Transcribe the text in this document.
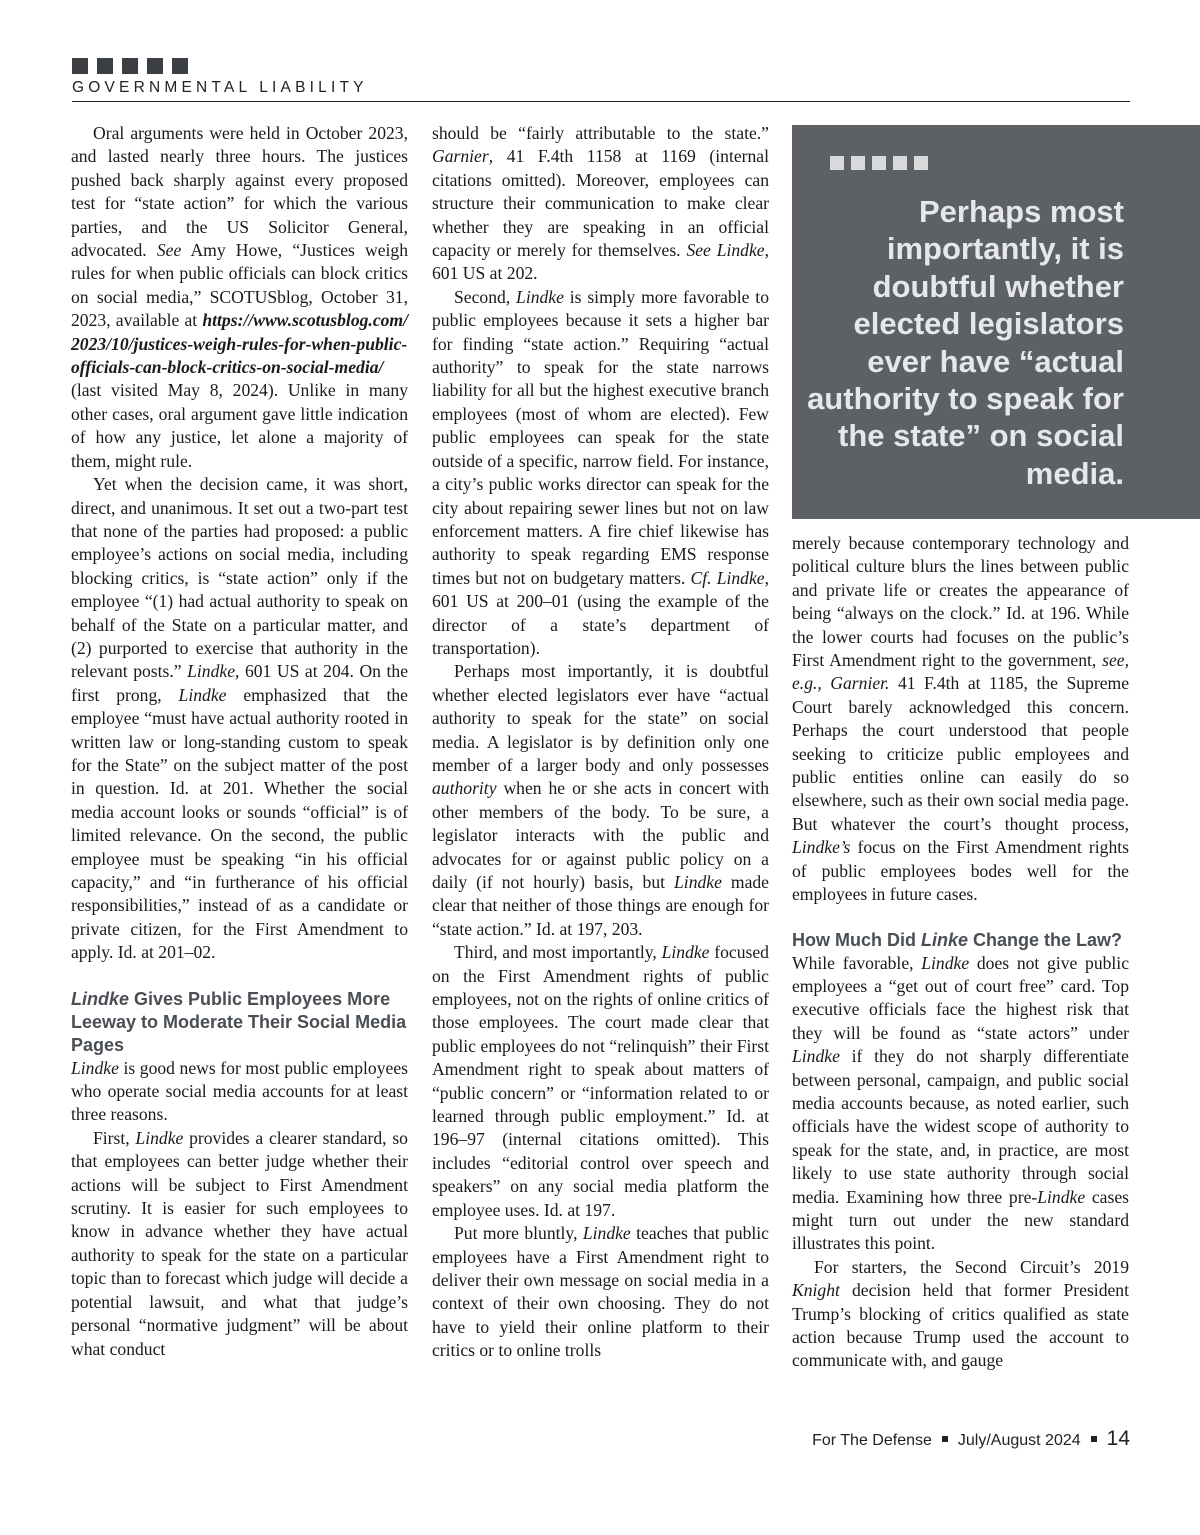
GOVERNMENTAL LIABILITY

Oral arguments were held in October 2023, and lasted nearly three hours. The justices pushed back sharply against every proposed test for “state action” for which the various parties, and the US Solicitor General, advocated. See Amy Howe, “Justices weigh rules for when public officials can block critics on social media,” SCOTUSblog, October 31, 2023, available at https://www.scotusblog.com/2023/10/justices-weigh-rules-for-when-public-officials-can-block-critics-on-social-media/ (last visited May 8, 2024). Unlike in many other cases, oral argument gave little indication of how any justice, let alone a majority of them, might rule.

Yet when the decision came, it was short, direct, and unanimous. It set out a two-part test that none of the parties had proposed: a public employee’s actions on social media, including blocking critics, is “state action” only if the employee “(1) had actual authority to speak on behalf of the State on a particular matter, and (2) purported to exercise that authority in the relevant posts.” Lindke, 601 US at 204. On the first prong, Lindke emphasized that the employee “must have actual authority rooted in written law or long-standing custom to speak for the State” on the subject matter of the post in question. Id. at 201. Whether the social media account looks or sounds “official” is of limited relevance. On the second, the public employee must be speaking “in his official capacity,” and “in furtherance of his official responsibilities,” instead of as a candidate or private citizen, for the First Amendment to apply. Id. at 201–02.

Lindke Gives Public Employees More Leeway to Moderate Their Social Media Pages

Lindke is good news for most public employees who operate social media accounts for at least three reasons.

First, Lindke provides a clearer standard, so that employees can better judge whether their actions will be subject to First Amendment scrutiny. It is easier for such employees to know in advance whether they have actual authority to speak for the state on a particular topic than to forecast which judge will decide a potential lawsuit, and what that judge’s personal “normative judgment” will be about what conduct

should be “fairly attributable to the state.” Garnier, 41 F.4th 1158 at 1169 (internal citations omitted). Moreover, employees can structure their communication to make clear whether they are speaking in an official capacity or merely for themselves. See Lindke, 601 US at 202.

Second, Lindke is simply more favorable to public employees because it sets a higher bar for finding “state action.” Requiring “actual authority” to speak for the state narrows liability for all but the highest executive branch employees (most of whom are elected). Few public employees can speak for the state outside of a specific, narrow field. For instance, a city’s public works director can speak for the city about repairing sewer lines but not on law enforcement matters. A fire chief likewise has authority to speak regarding EMS response times but not on budgetary matters. Cf. Lindke, 601 US at 200–01 (using the example of the director of a state’s department of transportation).

Perhaps most importantly, it is doubtful whether elected legislators ever have “actual authority to speak for the state” on social media. A legislator is by definition only one member of a larger body and only possesses authority when he or she acts in concert with other members of the body. To be sure, a legislator interacts with the public and advocates for or against public policy on a daily (if not hourly) basis, but Lindke made clear that neither of those things are enough for “state action.” Id. at 197, 203.

Third, and most importantly, Lindke focused on the First Amendment rights of public employees, not on the rights of online critics of those employees. The court made clear that public employees do not “relinquish” their First Amendment right to speak about matters of “public concern” or “information related to or learned through public employment.” Id. at 196–97 (internal citations omitted). This includes “editorial control over speech and speakers” on any social media platform the employee uses. Id. at 197.

Put more bluntly, Lindke teaches that public employees have a First Amendment right to deliver their own message on social media in a context of their own choosing. They do not have to yield their online platform to their critics or to online trolls

Perhaps most importantly, it is doubtful whether elected legislators ever have “actual authority to speak for the state” on social media.

merely because contemporary technology and political culture blurs the lines between public and private life or creates the appearance of being “always on the clock.” Id. at 196. While the lower courts had focuses on the public’s First Amendment right to the government, see, e.g., Garnier. 41 F.4th at 1185, the Supreme Court barely acknowledged this concern. Perhaps the court understood that people seeking to criticize public employees and public entities online can easily do so elsewhere, such as their own social media page. But whatever the court’s thought process, Lindke’s focus on the First Amendment rights of public employees bodes well for the employees in future cases.

How Much Did Linke Change the Law?

While favorable, Lindke does not give public employees a “get out of court free” card. Top executive officials face the highest risk that they will be found as “state actors” under Lindke if they do not sharply differentiate between personal, campaign, and public social media accounts because, as noted earlier, such officials have the widest scope of authority to speak for the state, and, in practice, are most likely to use state authority through social media. Examining how three pre-Lindke cases might turn out under the new standard illustrates this point.

For starters, the Second Circuit’s 2019 Knight decision held that former President Trump’s blocking of critics qualified as state action because Trump used the account to communicate with, and gauge

For The Defense July/August 2024 14
